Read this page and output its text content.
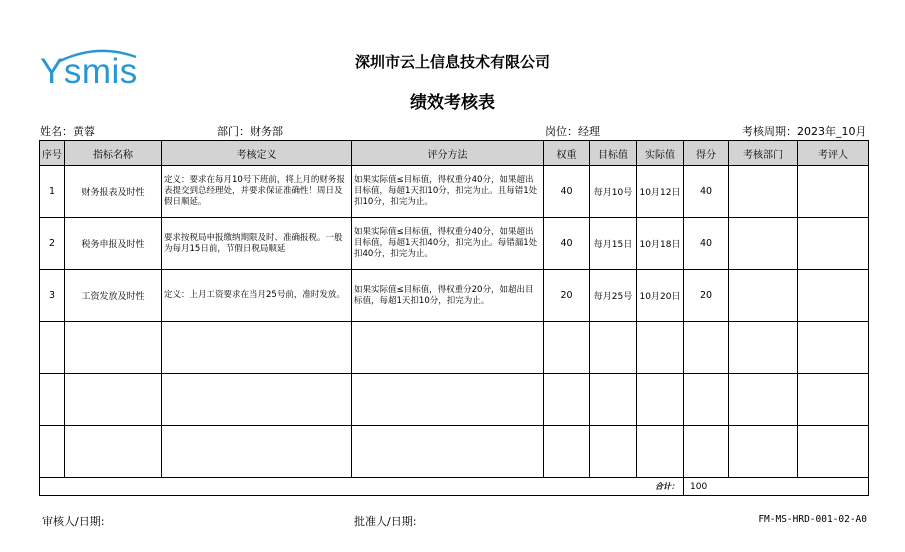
Ysmis	深圳市云上信息技术有限公司
绩效考核表
姓名：黄蓉	部门：财务部	岗位：经理	考核周期：2023年_10月
序号	指标名称	考核定义	评分方法	权重	目标值	实际值	得分	考核部门	考评人
1	财务报表及时性	定义：要求在每月10号下班前，将上月的财务报表提交到总经理处，并要求保证准确性！周日及假日顺延。	如果实际值≤目标值，得权重分40分，如果超出目标值，每超1天扣10分，扣完为止。且每错1处扣10分，扣完为止。	40	每月10号	10月12日	40		
2	税务申报及时性	要求按税局申报缴纳期限及时、准确报税。一般为每月15日前，节假日税局顺延	如果实际值≤目标值，得权重分40分，如果超出目标值，每超1天扣40分，扣完为止。每错漏1处扣40分，扣完为止。	40	每月15日	10月18日	40		
3	工资发放及时性	定义：上月工资要求在当月25号前，准时发放。	如果实际值≤目标值，得权重分20分，如超出目标值，每超1天扣10分，扣完为止。	20	每月25号	10月20日	20		

合计：							100		
审核人/日期:	批准人/日期:	FM-MS-HRD-001-02-A0
